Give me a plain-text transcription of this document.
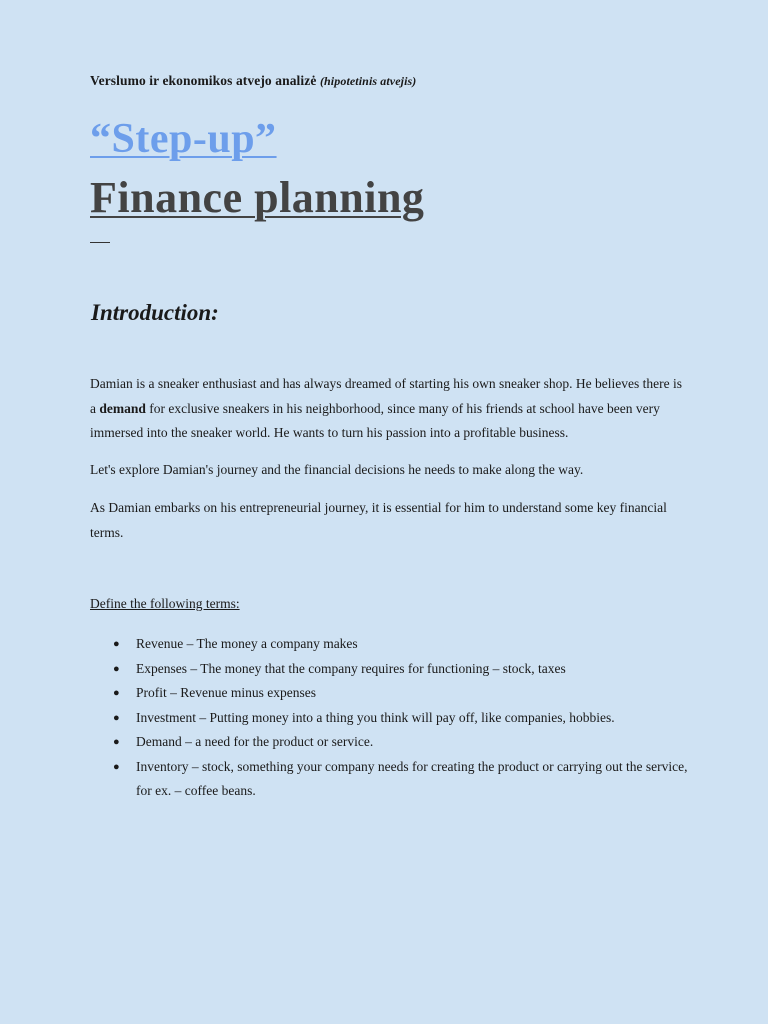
Verslumo ir ekonomikos atvejo analizė (hipotetinis atvejis)
“Step-up”
Finance planning
Introduction:
Damian is a sneaker enthusiast and has always dreamed of starting his own sneaker shop. He believes there is a demand for exclusive sneakers in his neighborhood, since many of his friends at school have been very immersed into the sneaker world. He wants to turn his passion into a profitable business.
Let's explore Damian's journey and the financial decisions he needs to make along the way.
As Damian embarks on his entrepreneurial journey, it is essential for him to understand some key financial terms.
Define the following terms:
● Revenue – The money a company makes
● Expenses – The money that the company requires for functioning – stock, taxes
● Profit – Revenue minus expenses
● Investment – Putting money into a thing you think will pay off, like companies, hobbies.
● Demand – a need for the product or service.
● Inventory – stock, something your company needs for creating the product or carrying out the service, for ex. – coffee beans.
